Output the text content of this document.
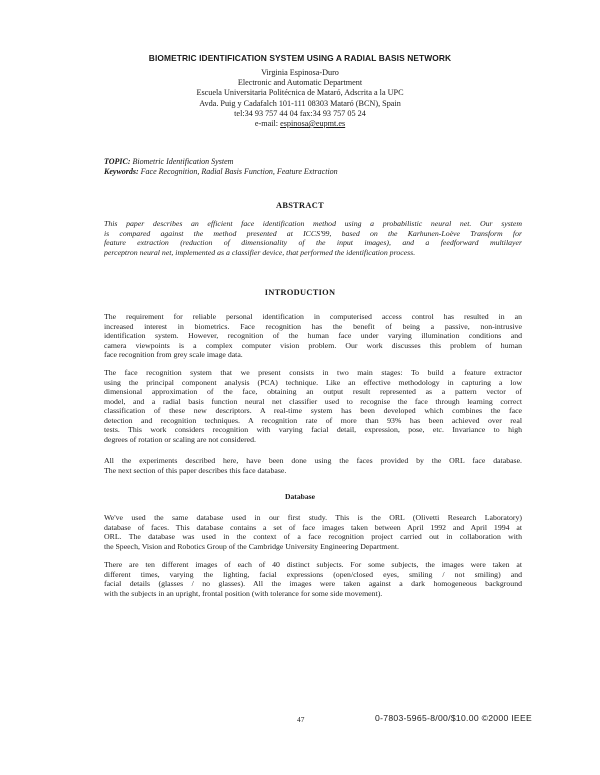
BIOMETRIC IDENTIFICATION SYSTEM USING A RADIAL BASIS NETWORK
Virginia Espinosa-Duro
Electronic and Automatic Department
Escuela Universitaria Politécnica de Mataró, Adscrita a la UPC
Avda. Puig y Cadafalch 101-111 08303 Mataró (BCN), Spain
tel:34 93 757 44 04 fax:34 93 757 05 24
e-mail: espinosa@eupmt.es
TOPIC: Biometric Identification System
Keywords: Face Recognition, Radial Basis Function, Feature Extraction
ABSTRACT
This paper describes an efficient face identification method using a probabilistic neural net. Our system
is compared against the method presented at ICCS'99, based on the Karhunen-Loève Transform for
feature extraction (reduction of dimensionality of the input images), and a feedforward multilayer
perceptron neural net, implemented as a classifier device, that performed the identification process.
INTRODUCTION
The requirement for reliable personal identification in computerised access control has resulted in an
increased interest in biometrics. Face recognition has the benefit of being a passive, non-intrusive
identification system. However, recognition of the human face under varying illumination conditions and
camera viewpoints is a complex computer vision problem. Our work discusses this problem of human
face recognition from grey scale image data.
The face recognition system that we present consists in two main stages: To build a feature extractor
using the principal component analysis (PCA) technique. Like an effective methodology in capturing a low
dimensional approximation of the face, obtaining an output result represented as a pattern vector of
model, and a radial basis function neural net classifier used to recognise the face through learning correct
classification of these new descriptors. A real-time system has been developed which combines the face
detection and recognition techniques. A recognition rate of more than 93% has been achieved over real
tests. This work considers recognition with varying facial detail, expression, pose, etc. Invariance to high
degrees of rotation or scaling are not considered.
All the experiments described here, have been done using the faces provided by the ORL face database.
The next section of this paper describes this face database.
Database
We've used the same database used in our first study. This is the ORL (Olivetti Research Laboratory)
database of faces. This database contains a set of face images taken between April 1992 and April 1994 at
ORL. The database was used in the context of a face recognition project carried out in collaboration with
the Speech, Vision and Robotics Group of the Cambridge University Engineering Department.
There are ten different images of each of 40 distinct subjects. For some subjects, the images were taken at
different times, varying the lighting, facial expressions (open/closed eyes, smiling / not smiling) and
facial details (glasses / no glasses). All the images were taken against a dark homogeneous background
with the subjects in an upright, frontal position (with tolerance for some side movement).
47	0-7803-5965-8/00/$10.00 ©2000 IEEE
